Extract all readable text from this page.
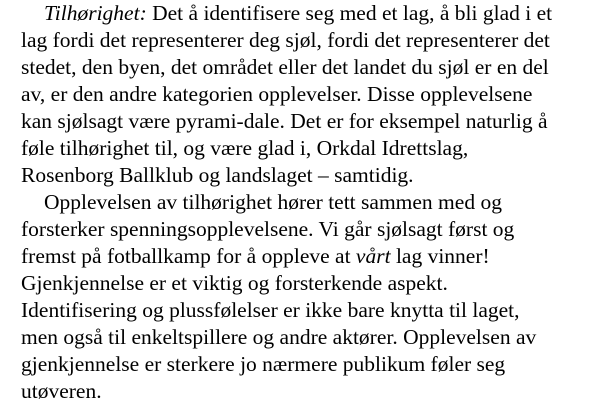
Tilhørighet: Det å identifisere seg med et lag, å bli glad i et
lag fordi det representerer deg sjøl, fordi det representerer det
stedet, den byen, det området eller det landet du sjøl er en del
av, er den andre kategorien opplevelser. Disse opplevelsene
kan sjølsagt være pyrami-dale. Det er for eksempel naturlig å
føle tilhørighet til, og være glad i, Orkdal Idrettslag,
Rosenborg Ballklub og landslaget – samtidig.
Opplevelsen av tilhørighet hører tett sammen med og
forsterker spenningsopplevelsene. Vi går sjølsagt først og
fremst på fotballkamp for å oppleve at vårt lag vinner!
Gjenkjennelse er et viktig og forsterkende aspekt.
Identifisering og plussfølelser er ikke bare knytta til laget,
men også til enkeltspillere og andre aktører. Opplevelsen av
gjenkjennelse er sterkere jo nærmere publikum føler seg
utøveren.
